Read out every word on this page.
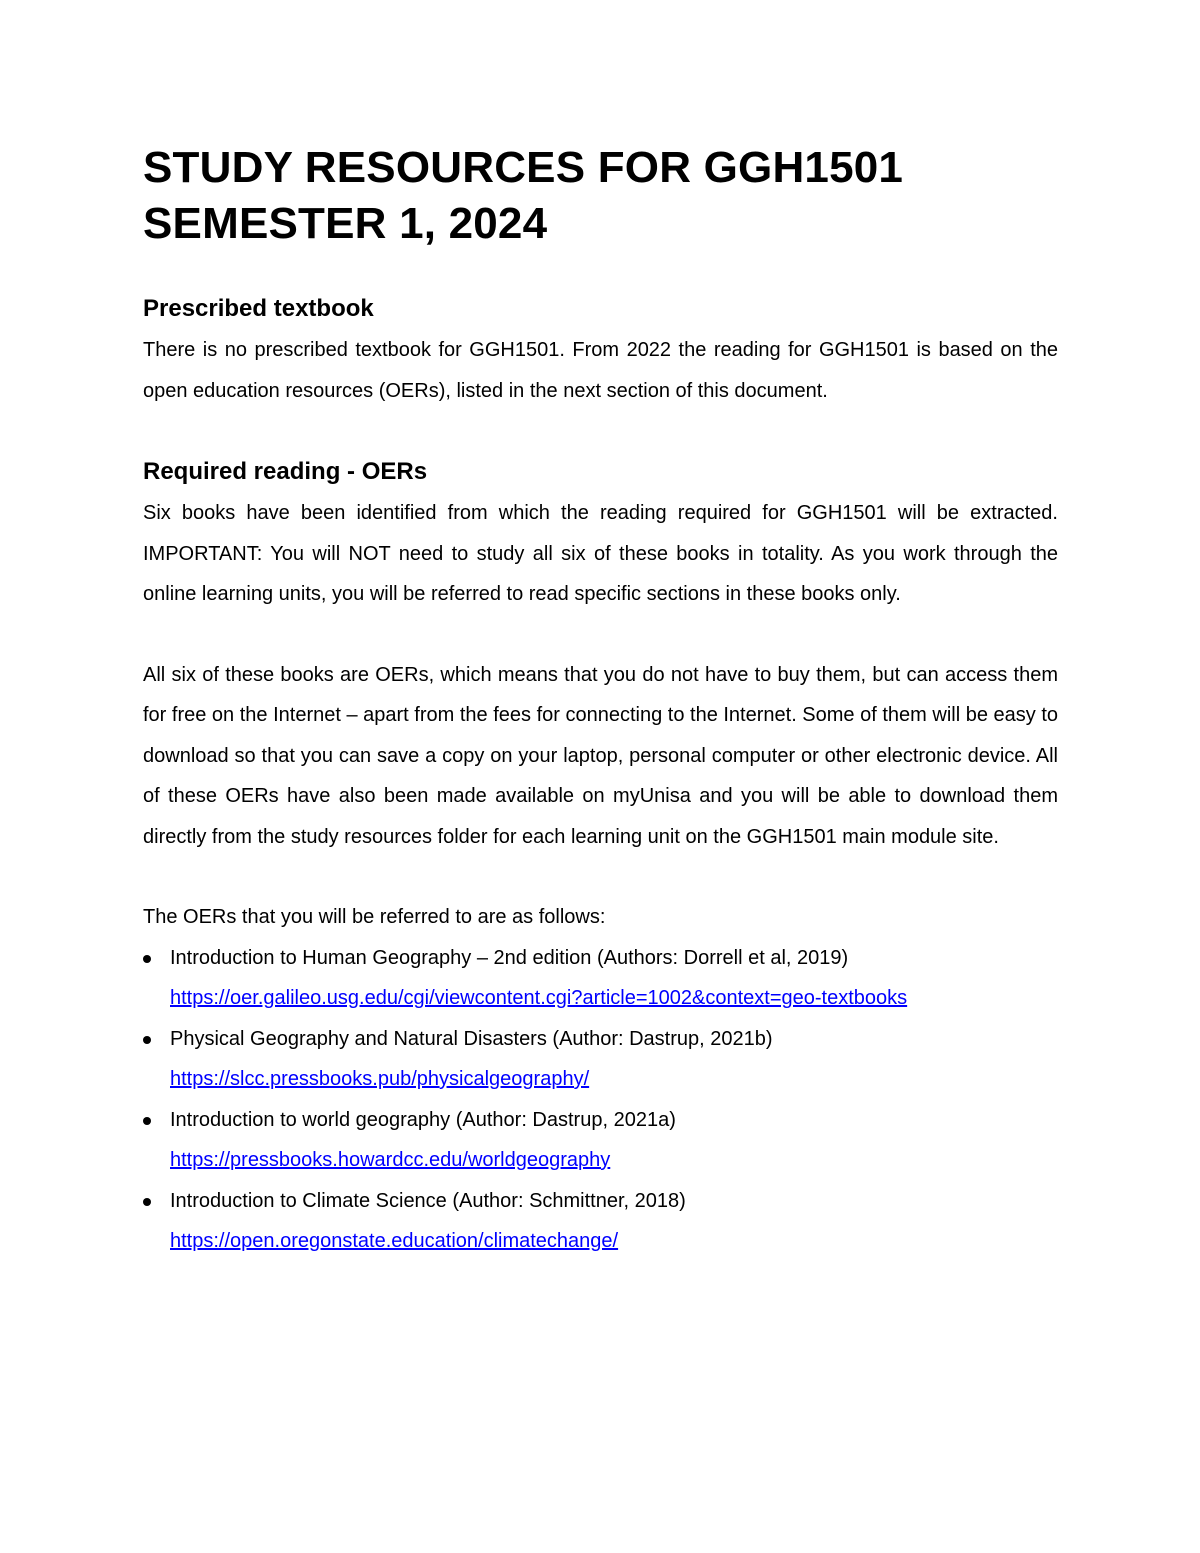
STUDY RESOURCES FOR GGH1501
SEMESTER 1, 2024
Prescribed textbook

There is no prescribed textbook for GGH1501. From 2022 the reading for GGH1501 is based on the open education resources (OERs), listed in the next section of this document.

Required reading - OERs

Six books have been identified from which the reading required for GGH1501 will be extracted. IMPORTANT: You will NOT need to study all six of these books in totality. As you work through the online learning units, you will be referred to read specific sections in these books only.

All six of these books are OERs, which means that you do not have to buy them, but can access them for free on the Internet – apart from the fees for connecting to the Internet. Some of them will be easy to download so that you can save a copy on your laptop, personal computer or other electronic device. All of these OERs have also been made available on myUnisa and you will be able to download them directly from the study resources folder for each learning unit on the GGH1501 main module site.

The OERs that you will be referred to are as follows:

Introduction to Human Geography – 2nd edition (Authors: Dorrell et al, 2019)
https://oer.galileo.usg.edu/cgi/viewcontent.cgi?article=1002&context=geo-textbooks
Physical Geography and Natural Disasters (Author: Dastrup, 2021b)
https://slcc.pressbooks.pub/physicalgeography/
Introduction to world geography (Author: Dastrup, 2021a)
https://pressbooks.howardcc.edu/worldgeography
Introduction to Climate Science (Author: Schmittner, 2018)
https://open.oregonstate.education/climatechange/
